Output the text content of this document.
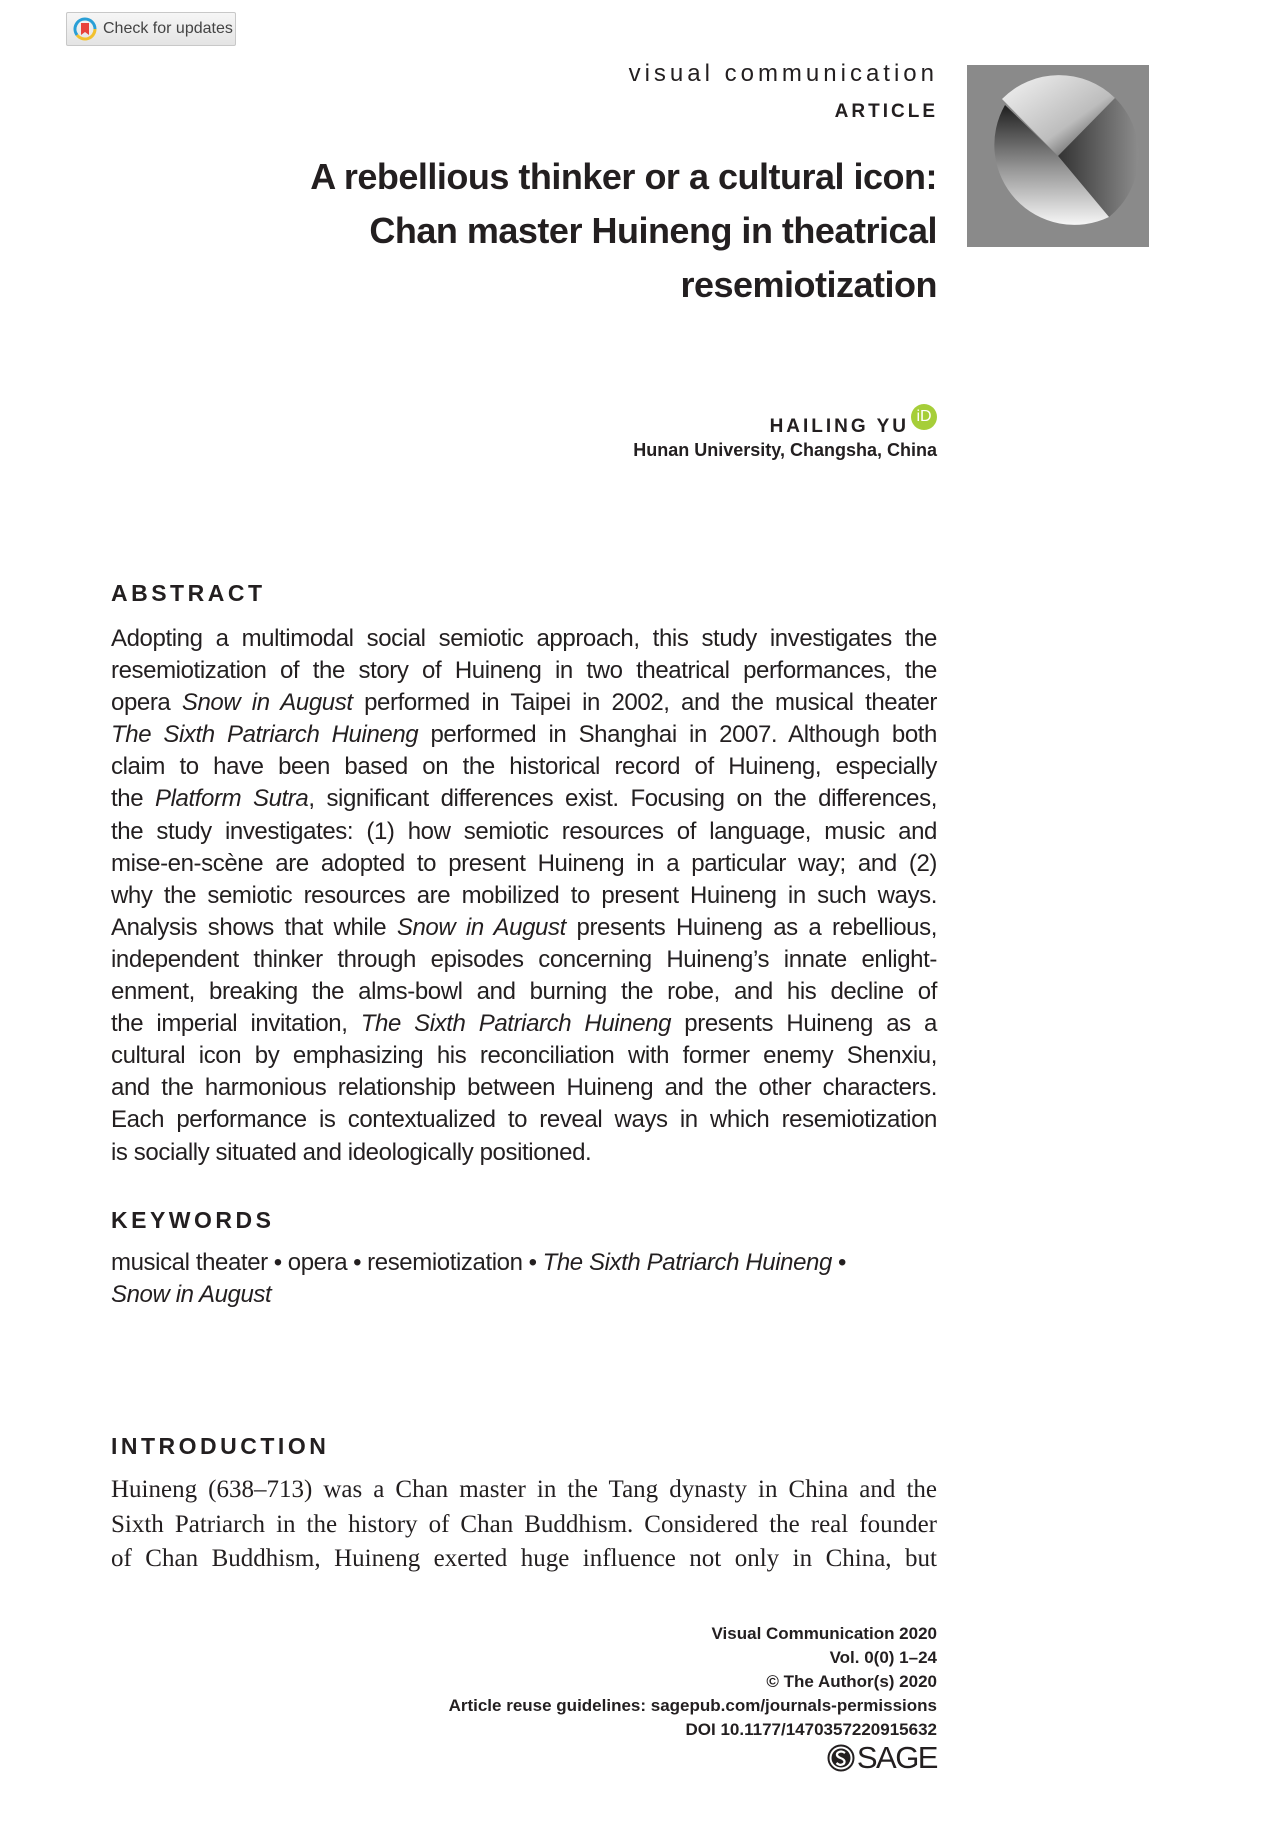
Check for updates
visual communication
ARTICLE
A rebellious thinker or a cultural icon:
Chan master Huineng in theatrical
resemiotization
HAILING YU iD
Hunan University, Changsha, China
ABSTRACT
Adopting a multimodal social semiotic approach, this study investigates the
resemiotization of the story of Huineng in two theatrical performances, the
opera Snow in August performed in Taipei in 2002, and the musical theater
The Sixth Patriarch Huineng performed in Shanghai in 2007. Although both
claim to have been based on the historical record of Huineng, especially
the Platform Sutra, significant differences exist. Focusing on the differences,
the study investigates: (1) how semiotic resources of language, music and
mise-en-scène are adopted to present Huineng in a particular way; and (2)
why the semiotic resources are mobilized to present Huineng in such ways.
Analysis shows that while Snow in August presents Huineng as a rebellious,
independent thinker through episodes concerning Huineng’s innate enlight-
enment, breaking the alms-bowl and burning the robe, and his decline of
the imperial invitation, The Sixth Patriarch Huineng presents Huineng as a
cultural icon by emphasizing his reconciliation with former enemy Shenxiu,
and the harmonious relationship between Huineng and the other characters.
Each performance is contextualized to reveal ways in which resemiotization
is socially situated and ideologically positioned.
KEYWORDS
musical theater • opera • resemiotization • The Sixth Patriarch Huineng •
Snow in August
INTRODUCTION
Huineng (638–713) was a Chan master in the Tang dynasty in China and the
Sixth Patriarch in the history of Chan Buddhism. Considered the real founder
of Chan Buddhism, Huineng exerted huge influence not only in China, but
Visual Communication 2020
Vol. 0(0) 1–24
© The Author(s) 2020
Article reuse guidelines: sagepub.com/journals-permissions
DOI 10.1177/1470357220915632
SAGE
